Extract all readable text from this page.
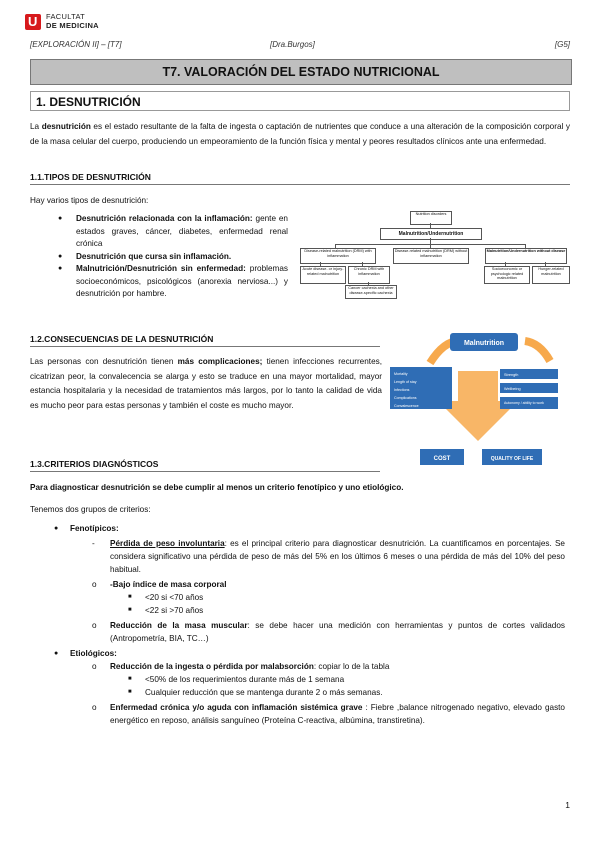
U FACULTAT
DE MEDICINA
[EXPLORACIÓN II] – [T7]	[Dra.Burgos]	[G5]
T7. VALORACIÓN DEL ESTADO NUTRICIONAL
1. DESNUTRICIÓN
La desnutrición es el estado resultante de la falta de ingesta o captación de nutrientes que conduce a una alteración de la composición corporal y de la masa celular del cuerpo, produciendo un empeoramiento de la función física y mental y peores resultados clínicos ante una enfermedad.
1.1.TIPOS DE DESNUTRICIÓN
Hay varios tipos de desnutrición:
● Desnutrición relacionada con la inflamación: gente en estados graves, cáncer, diabetes, enfermedad renal crónica
● Desnutrición que cursa sin inflamación.
● Malnutrición/Desnutrición sin enfermedad: problemas socioeconómicos, psicológicos (anorexia nerviosa...) y desnutrición por hambre.
Nutrition disorders
Malnutrition/Undernutrition
Disease-related malnutrition (DRM) with inflammation
Disease-related malnutrition (DRM) without inflammation
Malnutrition/Undernutrition without disease
Acute disease- or injury-related malnutrition
Chronic DRM with inflammation
Cancer cachexia and other disease-specific cachexia
Socioeconomic or psychologic related malnutrition
Hunger-related malnutrition
1.2.CONSECUENCIAS DE LA DESNUTRICIÓN
Las personas con desnutrición tienen más complicaciones; tienen infecciones recurrentes, cicatrizan peor, la convalecencia se alarga y esto se traduce en una mayor mortalidad, mayor estancia hospitalaria y la necesidad de tratamientos más largos, por lo tanto la calidad de vida es mucho peor para estas personas y también el coste es mucho mayor.
Malnutrition
Mortality
Length of stay
Infections
Complications
Convalescence
Strength
Wellbeing
Autonomy / ability to work
COST	QUALITY OF LIFE
1.3.CRITERIOS DIAGNÓSTICOS
Para diagnosticar desnutrición se debe cumplir al menos un criterio fenotípico y uno etiológico.
Tenemos dos grupos de criterios:
● Fenotípicos:
- Pérdida de peso involuntaria: es el principal criterio para diagnosticar desnutrición. La cuantificamos en porcentajes. Se considera significativo una pérdida de peso de más del 5% en los últimos 6 meses o una pérdida de más del 10% del peso habitual.
o -Bajo índice de masa corporal
■ <20 si <70 años
■ <22 si >70 años
o Reducción de la masa muscular: se debe hacer una medición con herramientas y puntos de cortes validados (Antropometría, BIA, TC…)
● Etiológicos:
o Reducción de la ingesta o pérdida por malabsorción: copiar lo de la tabla
■ <50% de los requerimientos durante más de 1 semana
■ Cualquier reducción que se mantenga durante 2 o más semanas.
o Enfermedad crónica y/o aguda con inflamación sistémica grave : Fiebre ,balance nitrogenado negativo, elevado gasto energético en reposo, análisis sanguíneo (Proteína C-reactiva, albúmina, transtiretina).
1
